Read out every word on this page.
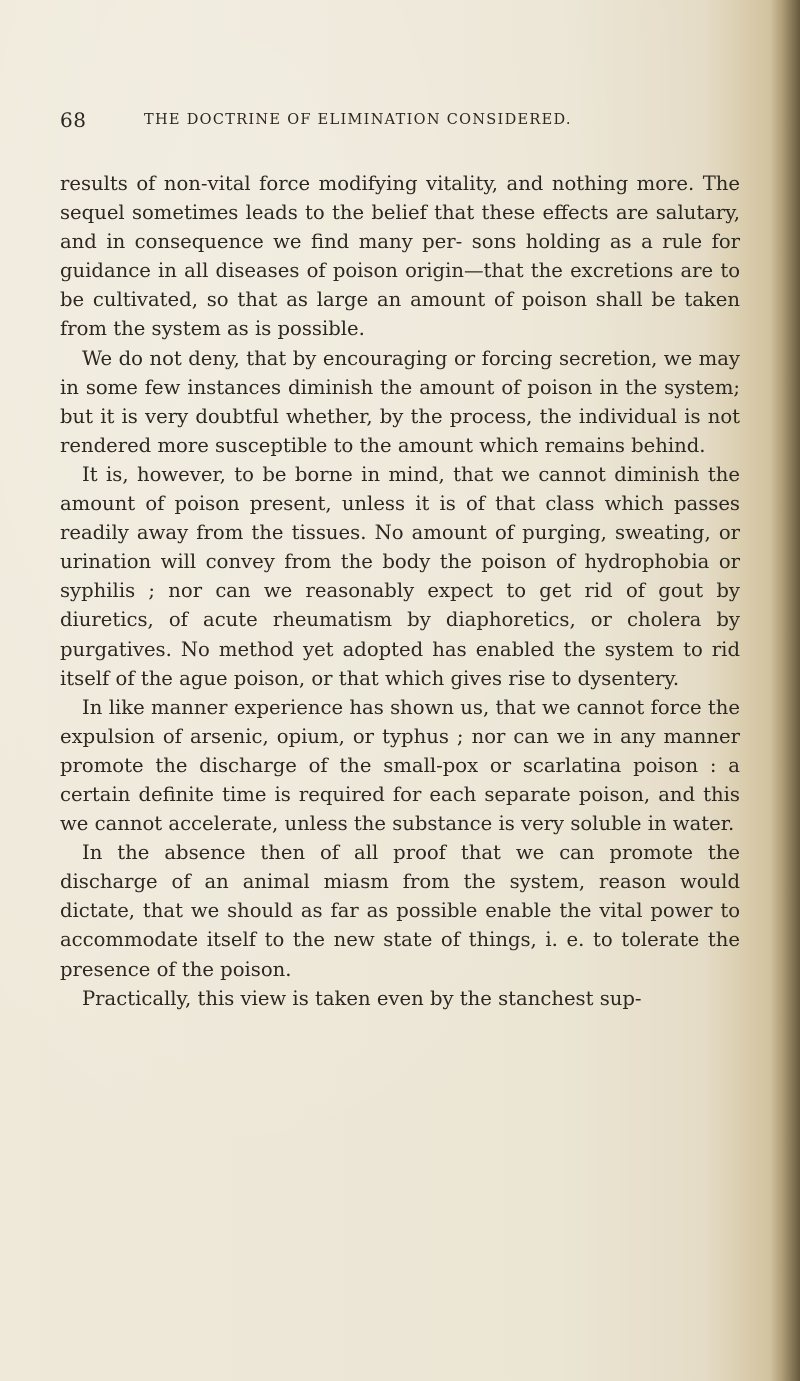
68	THE DOCTRINE OF ELIMINATION CONSIDERED.

results of non-vital force modifying vitality, and nothing more. The sequel sometimes leads to the belief that these effects are salutary, and in consequence we find many per- sons holding as a rule for guidance in all diseases of poison origin—that the excretions are to be cultivated, so that as large an amount of poison shall be taken from the system as is possible.

We do not deny, that by encouraging or forcing secretion, we may in some few instances diminish the amount of poison in the system; but it is very doubtful whether, by the process, the individual is not rendered more susceptible to the amount which remains behind.

It is, however, to be borne in mind, that we cannot diminish the amount of poison present, unless it is of that class which passes readily away from the tissues. No amount of purging, sweating, or urination will convey from the body the poison of hydrophobia or syphilis ; nor can we reasonably expect to get rid of gout by diuretics, of acute rheumatism by diaphoretics, or cholera by purgatives. No method yet adopted has enabled the system to rid itself of the ague poison, or that which gives rise to dysentery.

In like manner experience has shown us, that we cannot force the expulsion of arsenic, opium, or typhus ; nor can we in any manner promote the discharge of the small-pox or scarlatina poison : a certain definite time is required for each separate poison, and this we cannot accelerate, unless the substance is very soluble in water.

In the absence then of all proof that we can promote the discharge of an animal miasm from the system, reason would dictate, that we should as far as possible enable the vital power to accommodate itself to the new state of things, i. e. to tolerate the presence of the poison.

Practically, this view is taken even by the stanchest sup-
